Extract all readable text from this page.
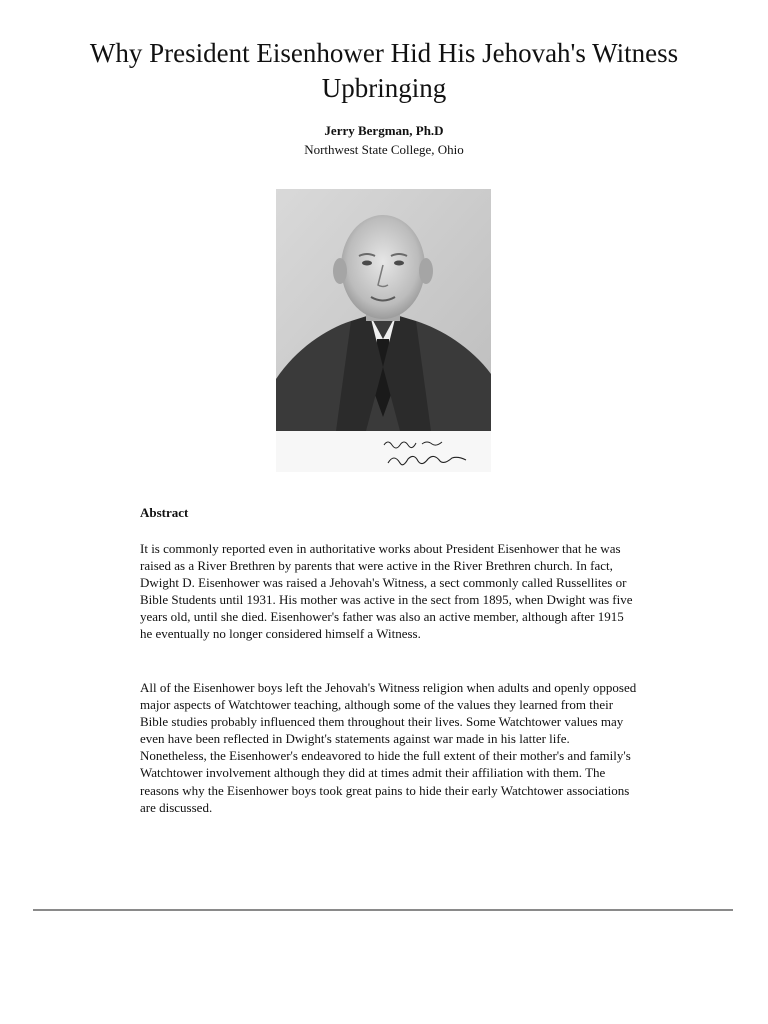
Why President Eisenhower Hid His Jehovah's Witness Upbringing
Jerry Bergman, Ph.D
Northwest State College, Ohio
Abstract

It is commonly reported even in authoritative works about President Eisenhower that he was raised as a River Brethren by parents that were active in the River Brethren church. In fact, Dwight D. Eisenhower was raised a Jehovah's Witness, a sect commonly called Russellites or Bible Students until 1931. His mother was active in the sect from 1895, when Dwight was five years old, until she died. Eisenhower's father was also an active member, although after 1915 he eventually no longer considered himself a Witness.

All of the Eisenhower boys left the Jehovah's Witness religion when adults and openly opposed major aspects of Watchtower teaching, although some of the values they learned from their Bible studies probably influenced them throughout their lives. Some Watchtower values may even have been reflected in Dwight's statements against war made in his latter life. Nonetheless, the Eisenhower's endeavored to hide the full extent of their mother's and family's Watchtower involvement although they did at times admit their affiliation with them. The reasons why the Eisenhower boys took great pains to hide their early Watchtower associations are discussed.
